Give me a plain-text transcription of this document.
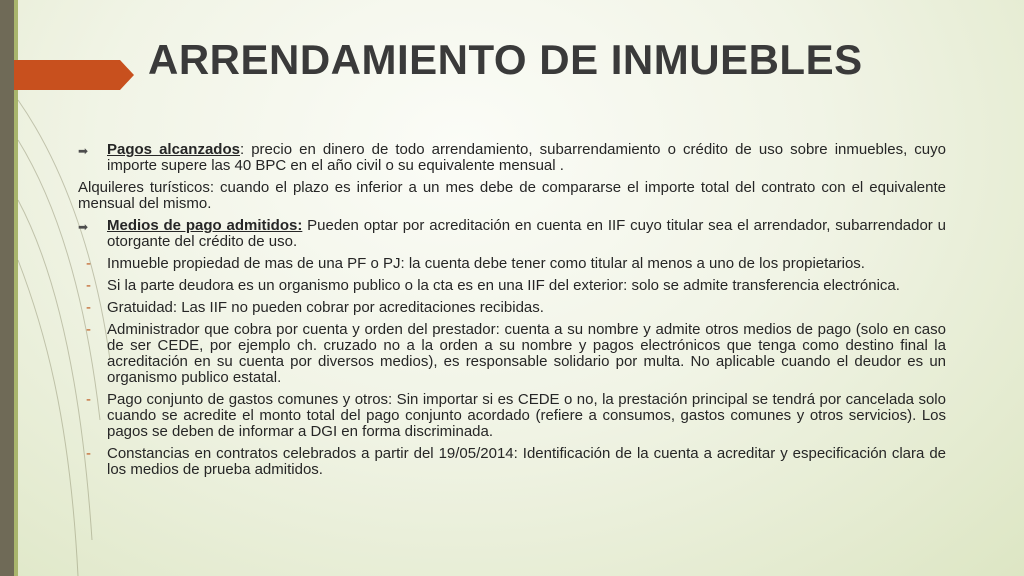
ARRENDAMIENTO DE INMUEBLES

➡	Pagos alcanzados: precio en dinero de todo arrendamiento, subarrendamiento o crédito de uso sobre inmuebles, cuyo importe supere las 40 BPC en el año civil o su equivalente mensual .

Alquileres turísticos: cuando el plazo es inferior a un mes debe de compararse el importe total del contrato con el equivalente mensual del mismo.

➡	Medios de pago admitidos: Pueden optar por acreditación en cuenta en IIF cuyo titular sea el arrendador, subarrendador u otorgante del crédito de uso.

-	Inmueble propiedad de mas de una PF o PJ: la cuenta debe tener como titular al menos a uno de los propietarios.

-	Si la parte deudora es un organismo publico o la cta es en una IIF del exterior: solo se admite transferencia electrónica.

-	Gratuidad: Las IIF no pueden cobrar por acreditaciones recibidas.

-	Administrador que cobra por cuenta y orden del prestador: cuenta a su nombre y admite otros medios de pago (solo en caso de ser CEDE, por ejemplo ch. cruzado no a la orden a su nombre y pagos electrónicos que tenga como destino final la acreditación en su cuenta por diversos medios), es responsable solidario por multa. No aplicable cuando el deudor es un organismo publico estatal.

-	Pago conjunto de gastos comunes y otros: Sin importar si es CEDE o no, la prestación principal se tendrá por cancelada solo cuando se acredite el monto total del pago conjunto acordado (refiere a consumos, gastos comunes y otros servicios). Los pagos se deben de informar a DGI en forma discriminada.

-	Constancias en contratos celebrados a partir del 19/05/2014: Identificación de la cuenta a acreditar y especificación clara de los medios de prueba admitidos.
